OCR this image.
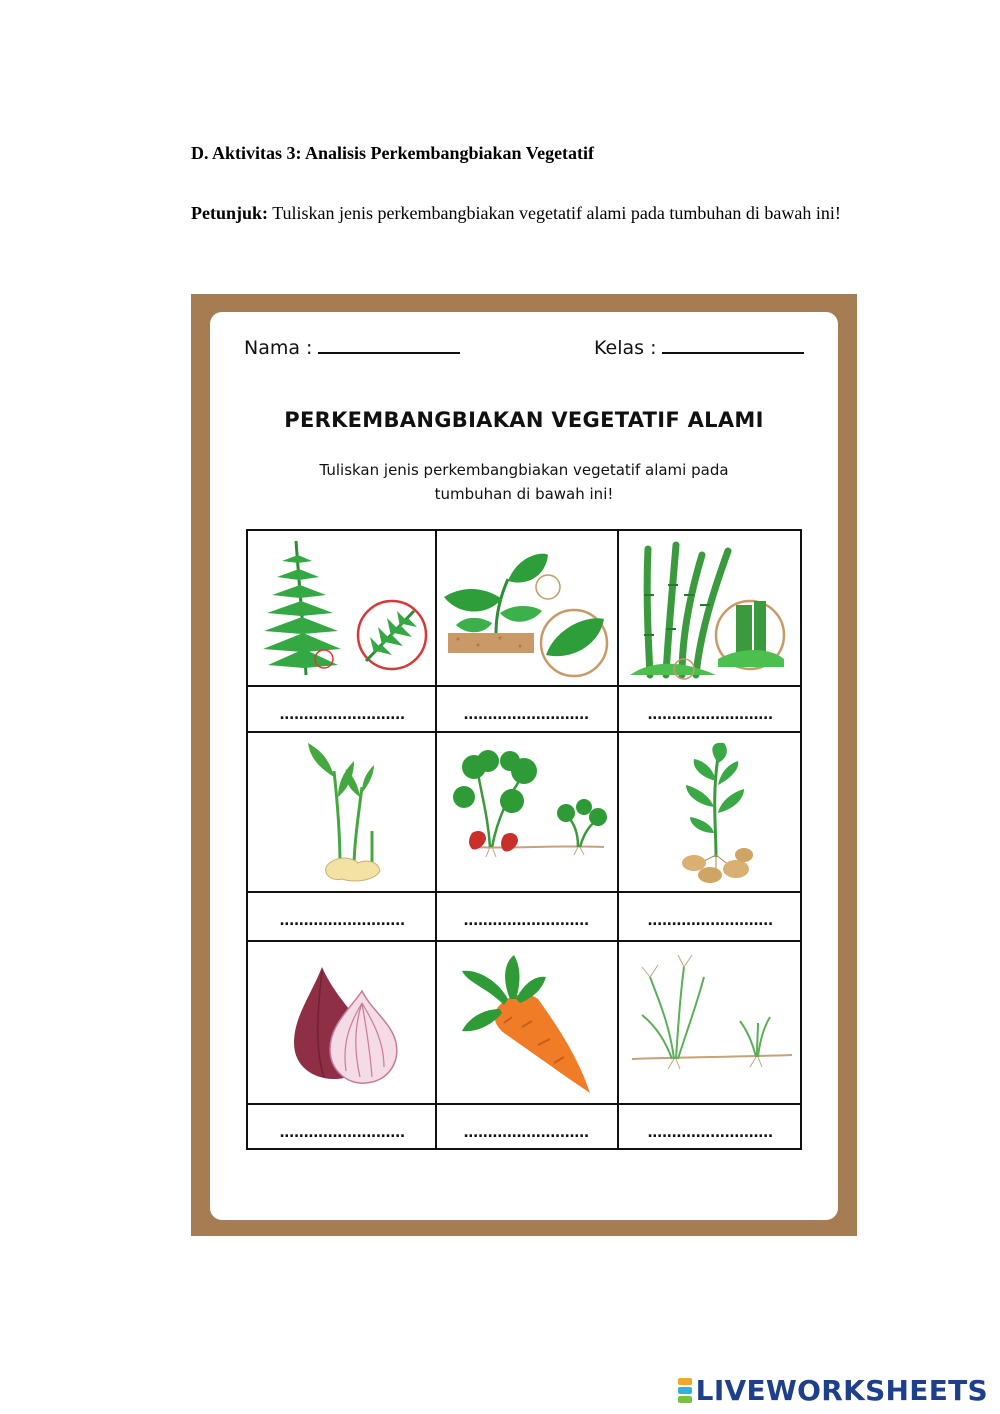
D. Aktivitas 3: Analisis Perkembangbiakan Vegetatif

Petunjuk: Tuliskan jenis perkembangbiakan vegetatif alami pada tumbuhan di bawah ini!

Nama :	Kelas :
PERKEMBANGBIAKAN VEGETATIF ALAMI
Tuliskan jenis perkembangbiakan vegetatif alami pada tumbuhan di bawah ini!
..........................	..........................	..........................
..........................	..........................	..........................
..........................	..........................	..........................
LIVEWORKSHEETS
